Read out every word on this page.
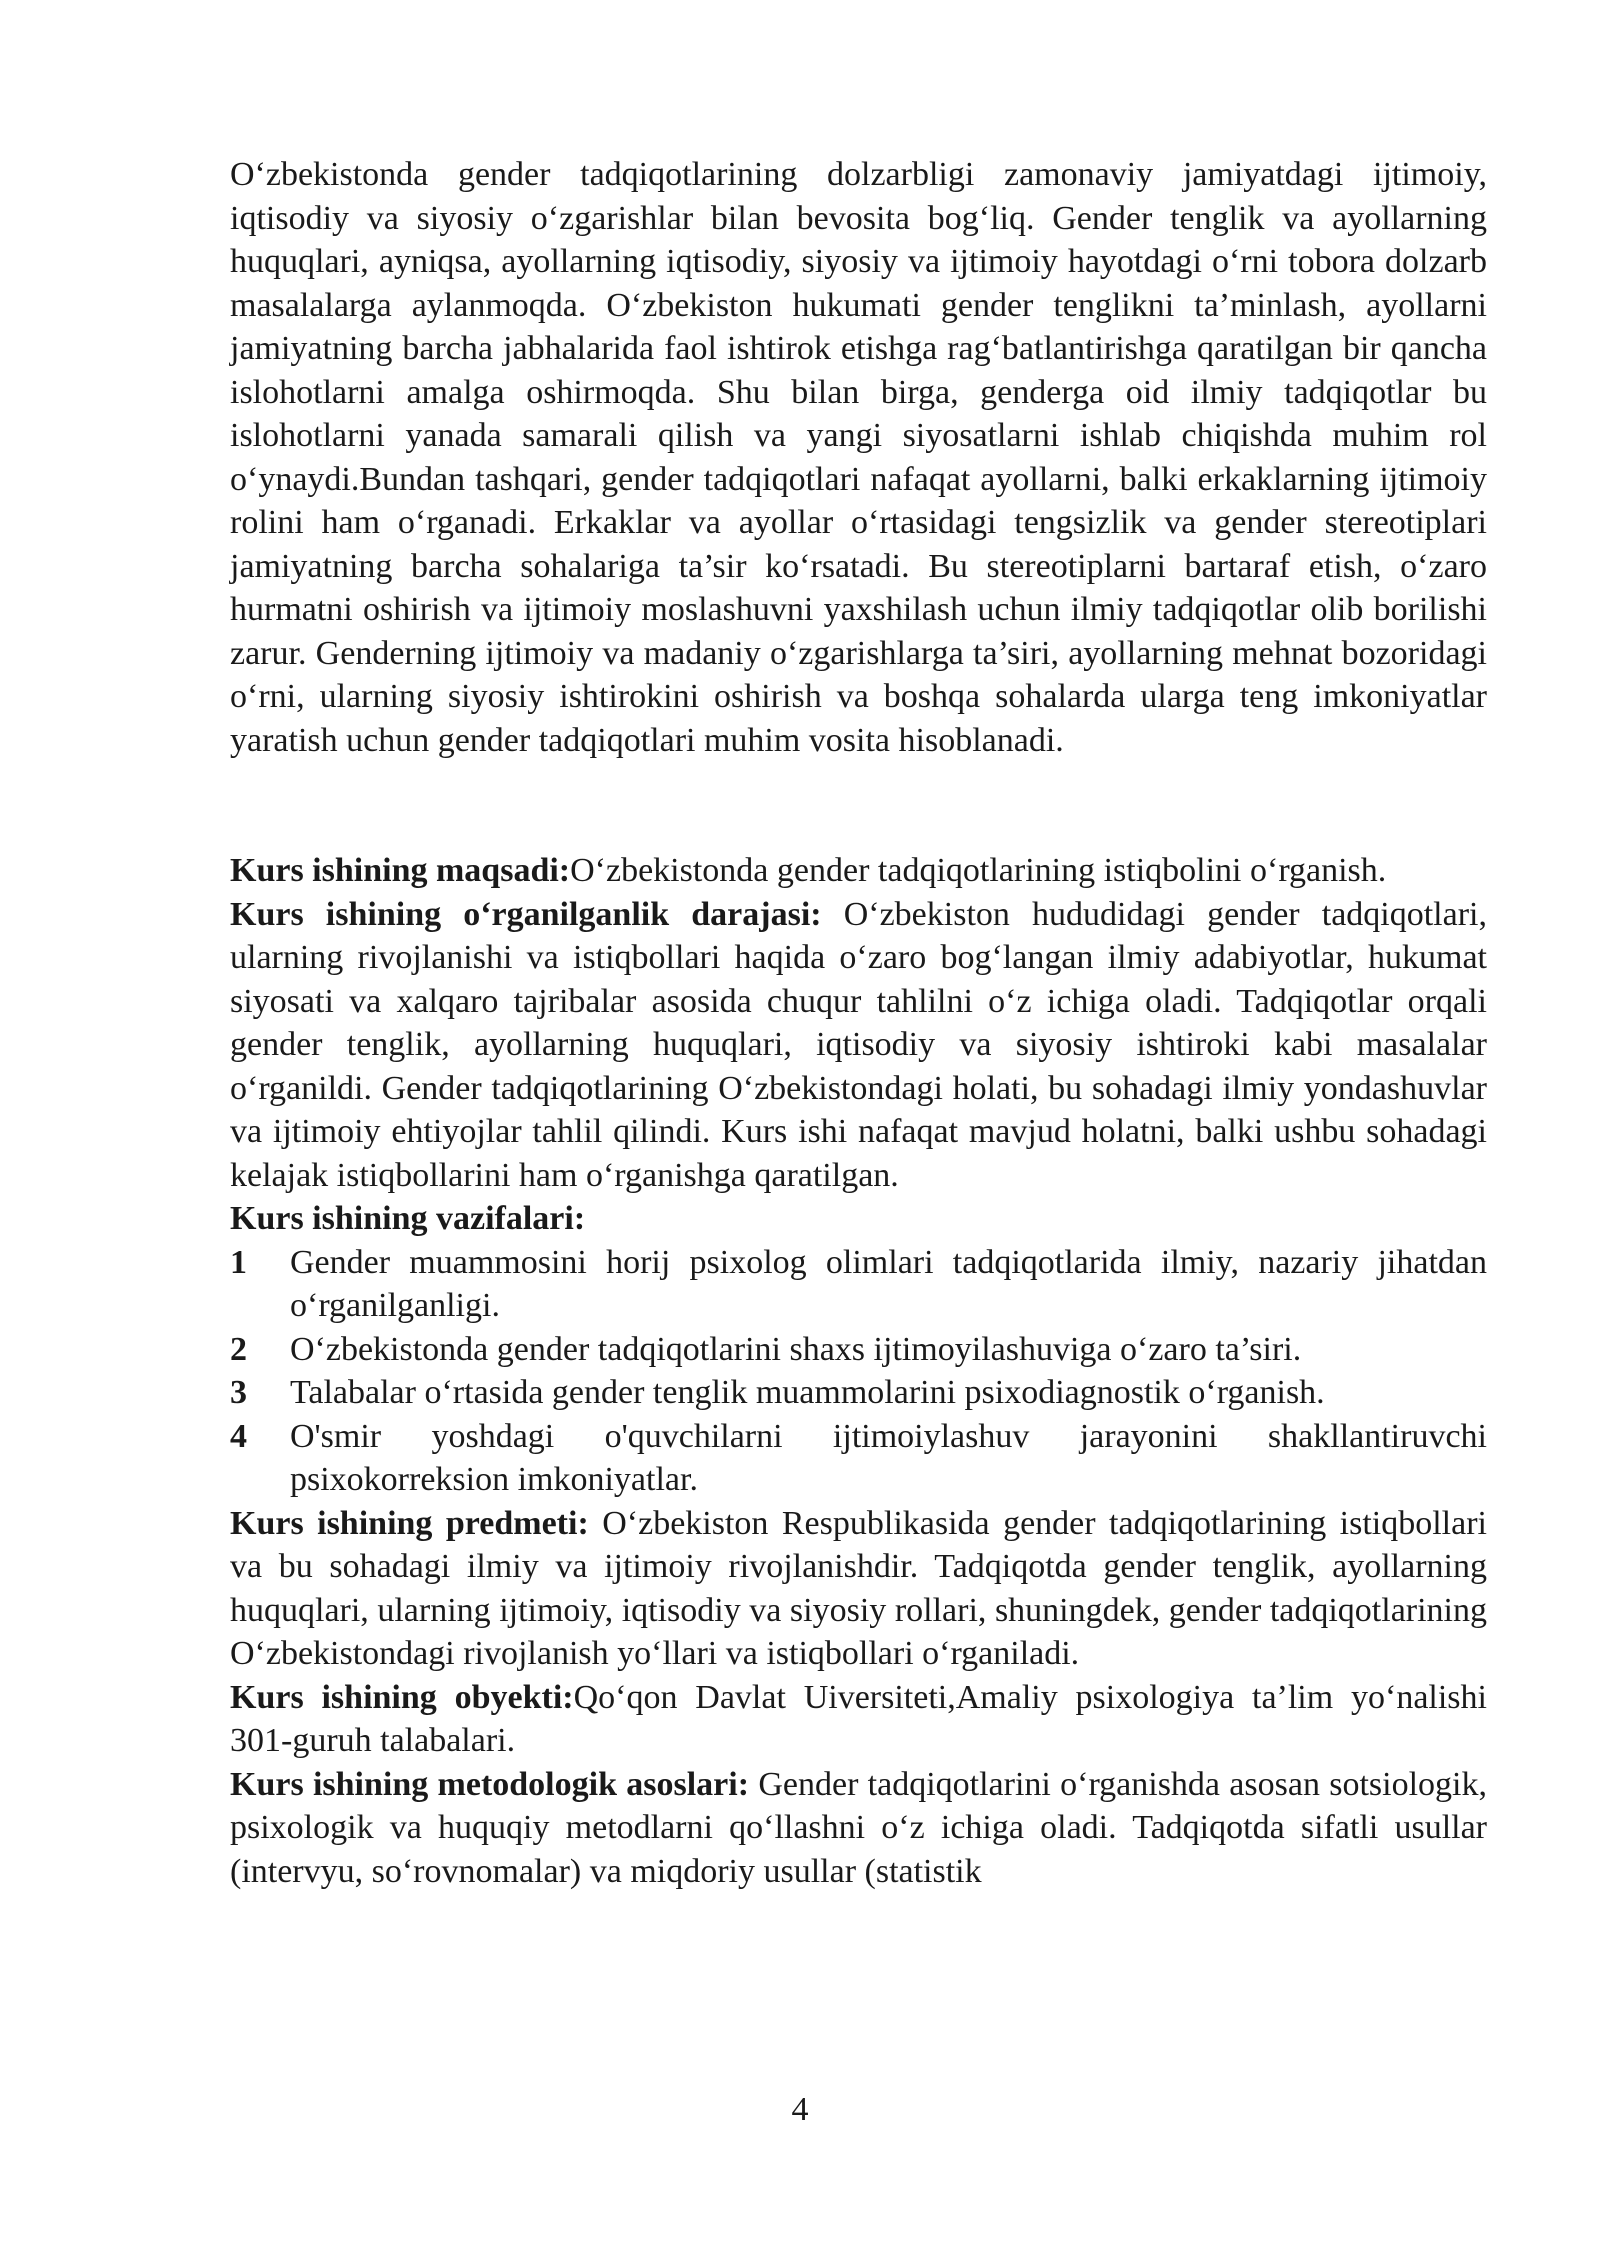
O‘zbekistonda gender tadqiqotlarining dolzarbligi zamonaviy jamiyatdagi ijtimoiy, iqtisodiy va siyosiy o‘zgarishlar bilan bevosita bog‘liq. Gender tenglik va ayollarning huquqlari, ayniqsa, ayollarning iqtisodiy, siyosiy va ijtimoiy hayotdagi o‘rni tobora dolzarb masalalarga aylanmoqda. O‘zbekiston hukumati gender tenglikni ta’minlash, ayollarni jamiyatning barcha jabhalarida faol ishtirok etishga rag‘batlantirishga qaratilgan bir qancha islohotlarni amalga oshirmoqda. Shu bilan birga, genderga oid ilmiy tadqiqotlar bu islohotlarni yanada samarali qilish va yangi siyosatlarni ishlab chiqishda muhim rol o‘ynaydi.Bundan tashqari, gender tadqiqotlari nafaqat ayollarni, balki erkaklarning ijtimoiy rolini ham o‘rganadi. Erkaklar va ayollar o‘rtasidagi tengsizlik va gender stereotiplari jamiyatning barcha sohalariga ta’sir ko‘rsatadi. Bu stereotiplarni bartaraf etish, o‘zaro hurmatni oshirish va ijtimoiy moslashuvni yaxshilash uchun ilmiy tadqiqotlar olib borilishi zarur. Genderning ijtimoiy va madaniy o‘zgarishlarga ta’siri, ayollarning mehnat bozoridagi o‘rni, ularning siyosiy ishtirokini oshirish va boshqa sohalarda ularga teng imkoniyatlar yaratish uchun gender tadqiqotlari muhim vosita hisoblanadi.

Kurs ishining maqsadi:O‘zbekistonda gender tadqiqotlarining istiqbolini o‘rganish.

Kurs ishining o‘rganilganlik darajasi: O‘zbekiston hududidagi gender tadqiqotlari, ularning rivojlanishi va istiqbollari haqida o‘zaro bog‘langan ilmiy adabiyotlar, hukumat siyosati va xalqaro tajribalar asosida chuqur tahlilni o‘z ichiga oladi. Tadqiqotlar orqali gender tenglik, ayollarning huquqlari, iqtisodiy va siyosiy ishtiroki kabi masalalar o‘rganildi. Gender tadqiqotlarining O‘zbekistondagi holati, bu sohadagi ilmiy yondashuvlar va ijtimoiy ehtiyojlar tahlil qilindi. Kurs ishi nafaqat mavjud holatni, balki ushbu sohadagi kelajak istiqbollarini ham o‘rganishga qaratilgan.

Kurs ishining vazifalari:

1 Gender muammosini horij psixolog olimlari tadqiqotlarida ilmiy, nazariy jihatdan o‘rganilganligi.
2 O‘zbekistonda gender tadqiqotlarini shaxs ijtimoyilashuviga o‘zaro ta’siri.
3 Talabalar o‘rtasida gender tenglik muammolarini psixodiagnostik o‘rganish.
4 O'smir yoshdagi o'quvchilarni ijtimoiylashuv jarayonini shakllantiruvchi psixokorreksion imkoniyatlar.

Kurs ishining predmeti: O‘zbekiston Respublikasida gender tadqiqotlarining istiqbollari va bu sohadagi ilmiy va ijtimoiy rivojlanishdir. Tadqiqotda gender tenglik, ayollarning huquqlari, ularning ijtimoiy, iqtisodiy va siyosiy rollari, shuningdek, gender tadqiqotlarining O‘zbekistondagi rivojlanish yo‘llari va istiqbollari o‘rganiladi.

Kurs ishining obyekti:Qo‘qon Davlat Uiversiteti,Amaliy psixologiya ta’lim yo‘nalishi 301-guruh talabalari.

Kurs ishining metodologik asoslari: Gender tadqiqotlarini o‘rganishda asosan sotsiologik, psixologik va huquqiy metodlarni qo‘llashni o‘z ichiga oladi. Tadqiqotda sifatli usullar (intervyu, so‘rovnomalar) va miqdoriy usullar (statistik

4
